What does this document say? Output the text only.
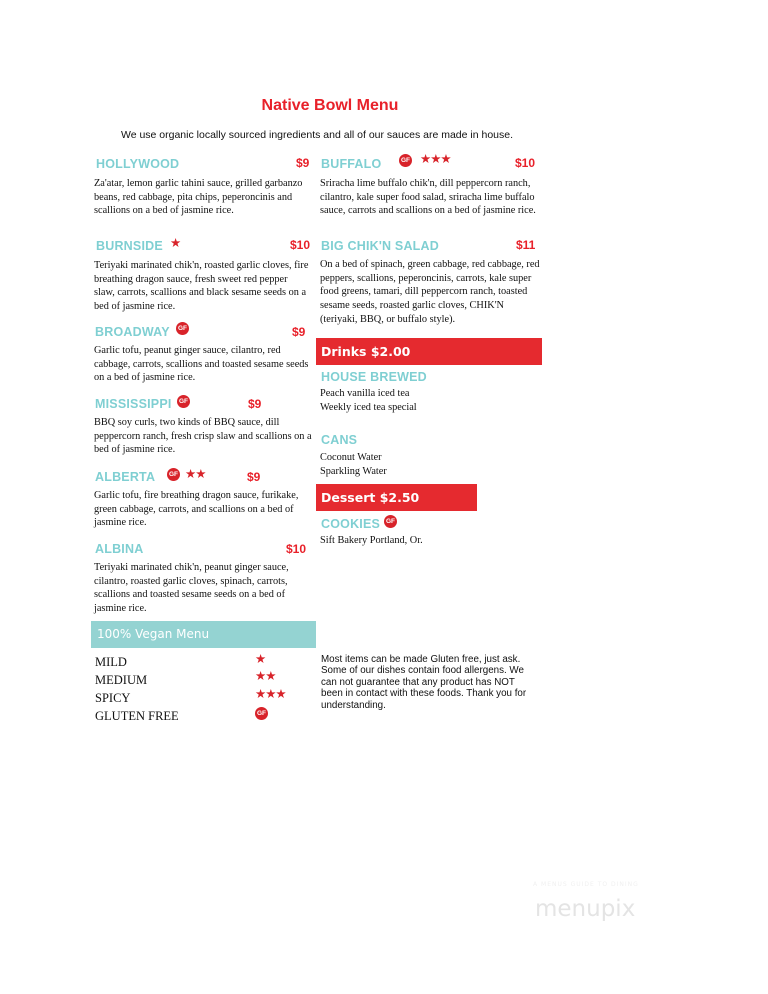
Native Bowl Menu
We use organic locally sourced ingredients and all of our sauces are made in house.
HOLLYWOOD	$9
Za'atar, lemon garlic tahini sauce, grilled garbanzo beans, red cabbage, pita chips, peperoncinis and scallions on a bed of jasmine rice.
BURNSIDE ★	$10
Teriyaki marinated chik'n, roasted garlic cloves, fire breathing dragon sauce, fresh sweet red pepper slaw, carrots, scallions and black sesame seeds on a bed of jasmine rice.
BROADWAY	GF	$9
Garlic tofu, peanut ginger sauce, cilantro, red cabbage, carrots, scallions and toasted sesame seeds on a bed of jasmine rice.
MISSISSIPPI	GF	$9
BBQ soy curls, two kinds of BBQ sauce, dill peppercorn ranch, fresh crisp slaw and scallions on a bed of jasmine rice.
ALBERTA	GF ★★	$9
Garlic tofu, fire breathing dragon sauce, furikake, green cabbage, carrots, and scallions on a bed of jasmine rice.
ALBINA	$10
Teriyaki marinated chik'n, peanut ginger sauce, cilantro, roasted garlic cloves, spinach, carrots, scallions and toasted sesame seeds on a bed of jasmine rice.
100% Vegan Menu
MILD	★
MEDIUM	★★
SPICY	★★★
GLUTEN FREE	GF
BUFFALO	GF ★★★	$10
Sriracha lime buffalo chik'n, dill peppercorn ranch, cilantro, kale super food salad, sriracha lime buffalo sauce, carrots and scallions on a bed of jasmine rice.
BIG CHIK'N SALAD	$11
On a bed of spinach, green cabbage, red cabbage, red peppers, scallions, peperoncinis, carrots, kale super food greens, tamari, dill peppercorn ranch, toasted sesame seeds, roasted garlic cloves, CHIK'N (teriyaki, BBQ, or buffalo style).
Drinks $2.00
HOUSE BREWED
Peach vanilla iced tea
Weekly iced tea special
CANS
Coconut Water
Sparkling Water
Dessert $2.50
COOKIES GF
Sift Bakery Portland, Or.
Most items can be made Gluten free, just ask. Some of our dishes contain food allergens. We can not guarantee that any product has NOT been in contact with these foods. Thank you for understanding.
A MENUS GUIDE TO DINING
menupix
